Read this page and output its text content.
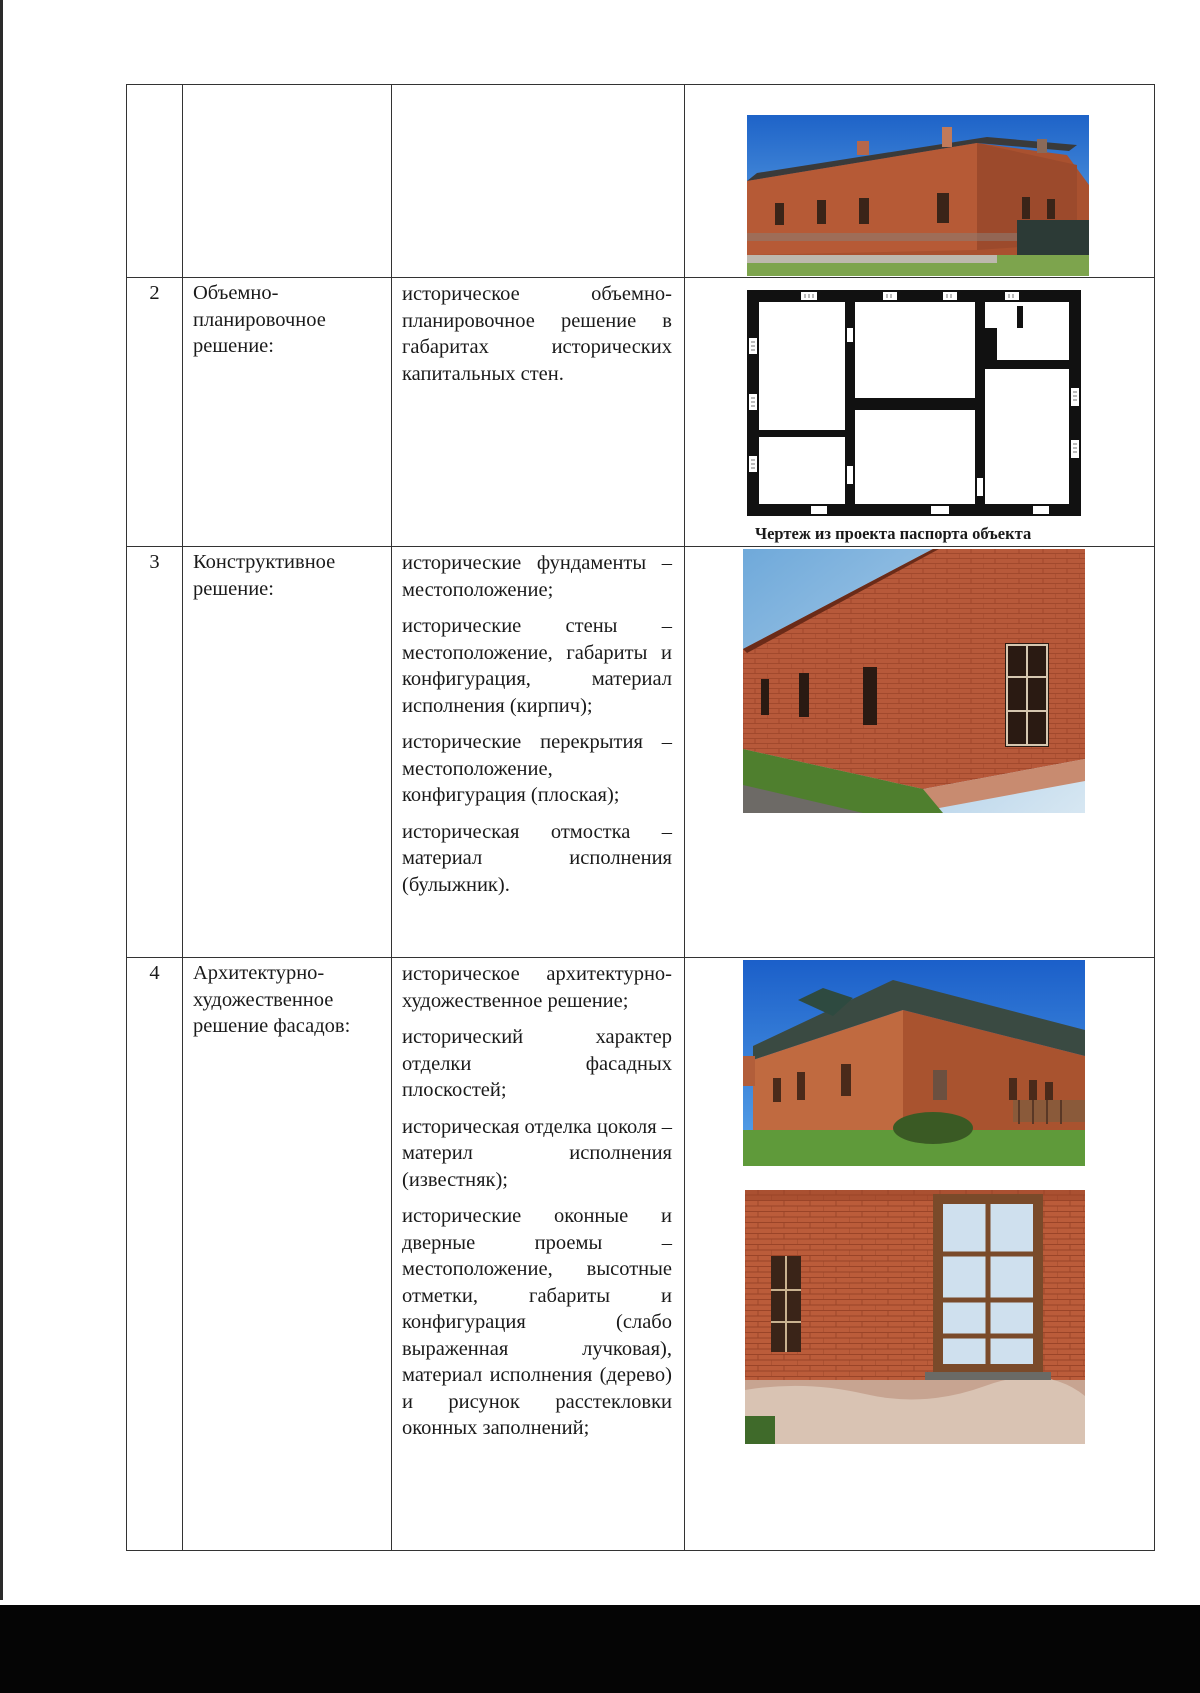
2	Объемно-планировочное решение:	историческое объемно-планировочное решение в габаритах исторических капитальных стен.	Чертеж из проекта паспорта объекта

3	Конструктивное решение:	исторические фундаменты – местоположение;

исторические стены – местоположение, габариты и конфигурация, материал исполнения (кирпич);

исторические перекрытия – местоположение, конфигурация (плоская);

историческая отмостка – материал исполнения (булыжник).

4	Архитектурно-художественное решение фасадов:	историческое архитектурно-художественное решение;

исторический характер отделки фасадных плоскостей;

историческая отделка цоколя – материл исполнения (известняк);

исторические оконные и дверные проемы – местоположение, высотные отметки, габариты и конфигурация (слабо выраженная лучковая), материал исполнения (дерево) и рисунок расстекловки оконных заполнений;
